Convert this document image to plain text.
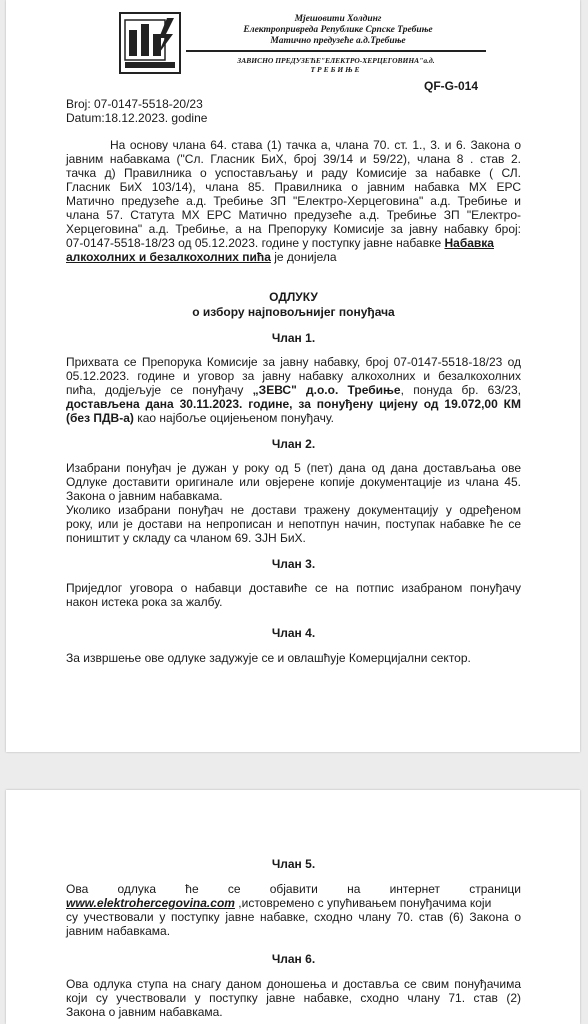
Мјешовити Холдинг
Електропривреда Републике Српске Требиње
Матично предузеће а.д.Требиње
ЗАВИСНО ПРЕДУЗЕЋЕ"ЕЛЕКТРО-ХЕРЦЕГОВИНА"а.д.
ТРЕБИЊЕ
QF-G-014
Broj: 07-0147-5518-20/23
Datum:18.12.2023. godine
На основу члана 64. става (1) тачка а, члана 70. ст. 1., 3. и 6. Закона о
јавним набавкама ("Сл. Гласник БиХ, број 39/14 и 59/22), члана 8 . став 2.
тачка д) Правилника о успостављању и раду Комисије за набавке ( СЛ.
Гласник БиХ 103/14), члана 85. Правилника о јавним набавка МХ ЕРС
Матично предузеће а.д. Требиње ЗП "Електро-Херцеговина" а.д. Требиње и
члана 57. Статута МХ ЕРС Матично предузеће а.д. Требиње ЗП "Електро-
Херцеговина" а.д. Требиње, а на Препоруку Комисије за јавну набавку број:
07-0147-5518-18/23 од 05.12.2023. године у поступку јавне набавке Набавка
алкохолних и безалкохолних пића је донијела
ОДЛУКУ
о избору најповољнијег понуђача
Члан 1.
Прихвата се Препорука Комисије за јавну набавку, број 07-0147-5518-18/23 од
05.12.2023. године и уговор за јавну набавку алкохолних и безалкохолних
пића, додјељује се понуђачу „ЗЕВС" д.о.о. Требиње, понуда бр. 63/23,
достављена дана 30.11.2023. године, за понуђену цијену од 19.072,00 КМ
(без ПДВ-а) као најбоље оцијењеном понуђачу.
Члан 2.
Изабрани понуђач је дужан у року од 5 (пет) дана од дана достављања ове
Одлуке доставити оригинале или овјерене копије документације из члана 45.
Закона о јавним набавкама.
Уколико изабрани понуђач не достави тражену документацију у одређеном
року, или је достави на непрописан и непотпун начин, поступак набавке ће се
поништит у складу са чланом 69. ЗЈН БиХ.
Члан 3.
Приједлог уговора о набавци доставиће се на потпис изабраном понуђачу
након истека рока за жалбу.
Члан 4.
За извршење ове одлуке задужује се и овлашћује Комерцијални сектор.
Члан 5.
Ова одлука ће се објавити на интернет страници
www.elektrohercegovina.com ,истовремено с упућивањем понуђачима који
су учествовали у поступку јавне набавке, сходно члану 70. став (6) Закона о
јавним набавкама.
Члан 6.
Ова одлука ступа на снагу даном доношења и доставља се свим понуђачима
који су учествовали у поступку јавне набавке, сходно члану 71. став (2)
Закона о јавним набавкама.
